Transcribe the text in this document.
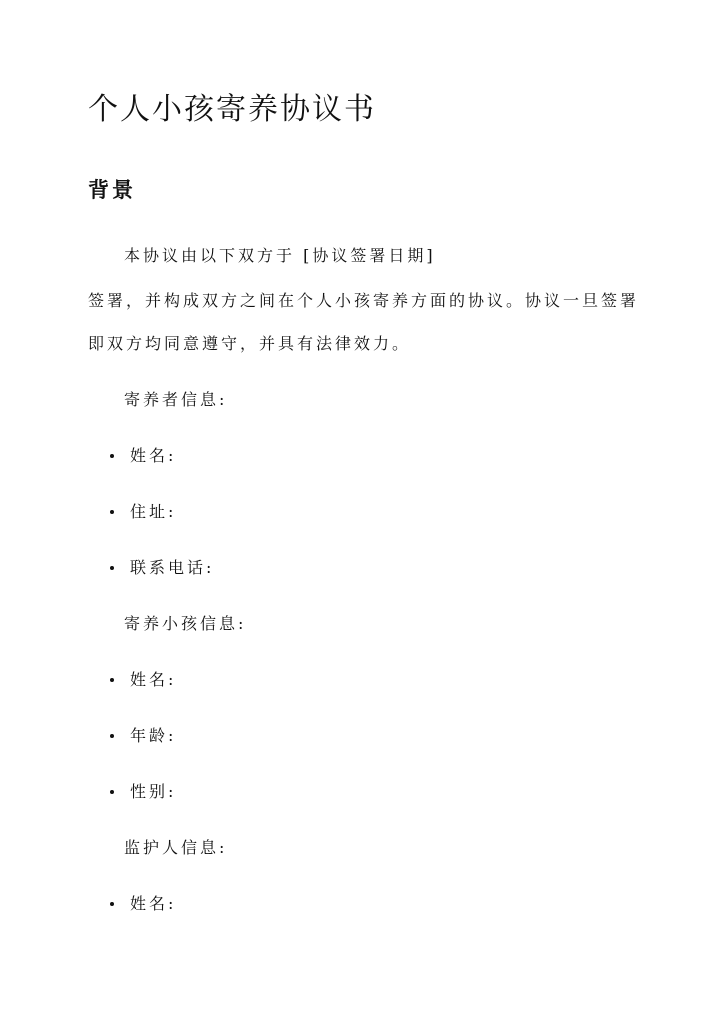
个人小孩寄养协议书
背景

本协议由以下双方于 [协议签署日期]

签署，并构成双方之间在个人小孩寄养方面的协议。协议一旦签署

即双方均同意遵守，并具有法律效力。

寄养者信息:

姓名:
住址:
联系电话:

寄养小孩信息:

姓名:
年龄:
性别:

监护人信息:

姓名:
